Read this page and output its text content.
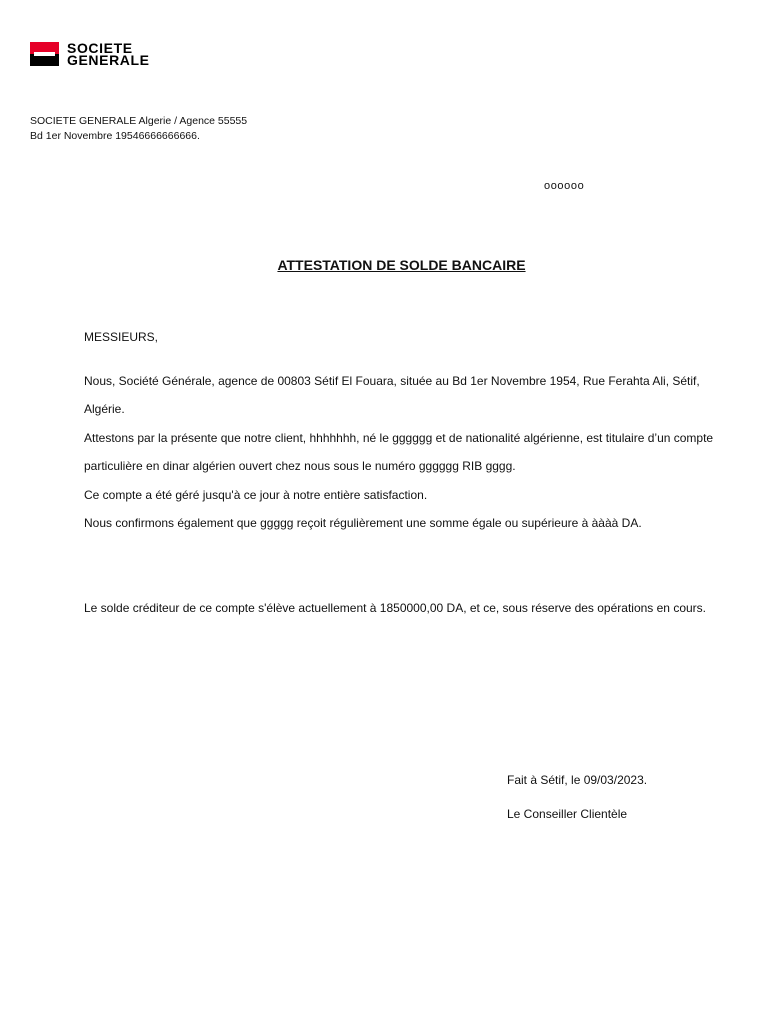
SOCIETE
GENERALE
SOCIETE GENERALE Algerie / Agence 55555
Bd 1er Novembre 19546666666666.
oooooo
ATTESTATION DE SOLDE BANCAIRE
MESSIEURS,

Nous, Société Générale, agence de 00803 Sétif El Fouara, située au Bd 1er Novembre 1954, Rue Ferahta Ali, Sétif, Algérie.

Attestons par la présente que notre client, hhhhhhh, né le gggggg et de nationalité algérienne, est titulaire d’un compte particulière en dinar algérien ouvert chez nous sous le numéro gggggg RIB gggg.

Ce compte a été géré jusqu'à ce jour à notre entière satisfaction.

Nous confirmons également que ggggg reçoit régulièrement une somme égale ou supérieure à àààà DA.

Le solde créditeur de ce compte s'élève actuellement à 1850000,00 DA, et ce, sous réserve des opérations en cours.

Fait à Sétif, le 09/03/2023.
Le Conseiller Clientèle
